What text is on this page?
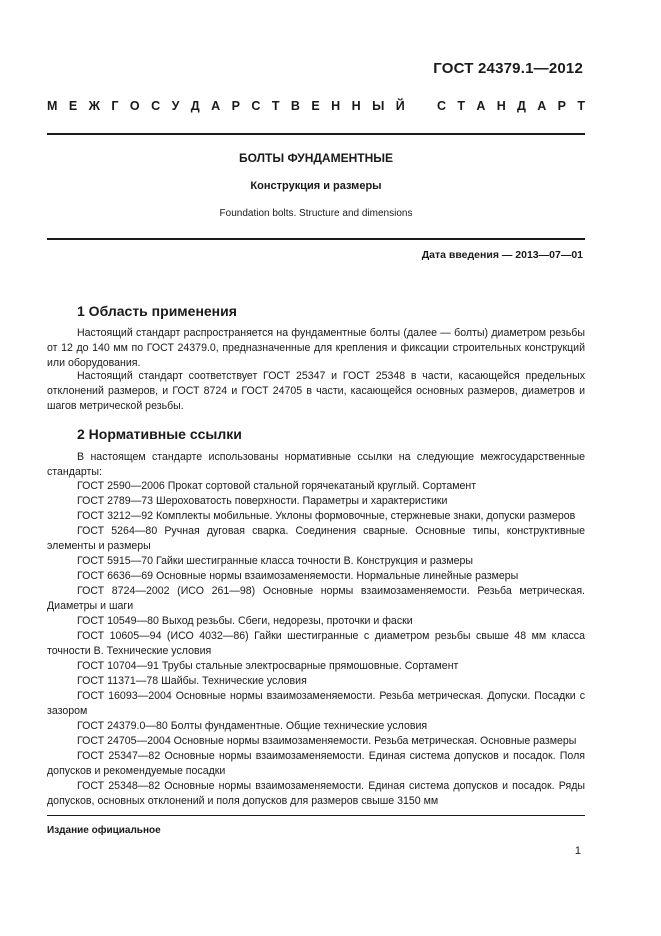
ГОСТ 24379.1—2012
М Е Ж Г О С У Д А Р С Т В Е Н Н Ы Й	С Т А Н Д А Р Т
БОЛТЫ ФУНДАМЕНТНЫЕ
Конструкция и размеры
Foundation bolts. Structure and dimensions
Дата введения — 2013—07—01
1 Область применения
Настоящий стандарт распространяется на фундаментные болты (далее — болты) диаметром резьбы от 12 до 140 мм по ГОСТ 24379.0, предназначенные для крепления и фиксации строительных конструкций или оборудования.
Настоящий стандарт соответствует ГОСТ 25347 и ГОСТ 25348 в части, касающейся предельных отклонений размеров, и ГОСТ 8724 и ГОСТ 24705 в части, касающейся основных размеров, диаметров и шагов метрической резьбы.
2 Нормативные ссылки
В настоящем стандарте использованы нормативные ссылки на следующие межгосударственные стандарты:
ГОСТ 2590—2006 Прокат сортовой стальной горячекатаный круглый. Сортамент
ГОСТ 2789—73 Шероховатость поверхности. Параметры и характеристики
ГОСТ 3212—92 Комплекты мобильные. Уклоны формовочные, стержневые знаки, допуски размеров
ГОСТ 5264—80 Ручная дуговая сварка. Соединения сварные. Основные типы, конструктивные элементы и размеры
ГОСТ 5915—70 Гайки шестигранные класса точности В. Конструкция и размеры
ГОСТ 6636—69 Основные нормы взаимозаменяемости. Нормальные линейные размеры
ГОСТ 8724—2002 (ИСО 261—98) Основные нормы взаимозаменяемости. Резьба метрическая. Диаметры и шаги
ГОСТ 10549—80 Выход резьбы. Сбеги, недорезы, проточки и фаски
ГОСТ 10605—94 (ИСО 4032—86) Гайки шестигранные с диаметром резьбы свыше 48 мм класса точности В. Технические условия
ГОСТ 10704—91 Трубы стальные электросварные прямошовные. Сортамент
ГОСТ 11371—78 Шайбы. Технические условия
ГОСТ 16093—2004 Основные нормы взаимозаменяемости. Резьба метрическая. Допуски. Посадки с зазором
ГОСТ 24379.0—80 Болты фундаментные. Общие технические условия
ГОСТ 24705—2004 Основные нормы взаимозаменяемости. Резьба метрическая. Основные размеры
ГОСТ 25347—82 Основные нормы взаимозаменяемости. Единая система допусков и посадок. Поля допусков и рекомендуемые посадки
ГОСТ 25348—82 Основные нормы взаимозаменяемости. Единая система допусков и посадок. Ряды допусков, основных отклонений и поля допусков для размеров свыше 3150 мм
Издание официальное
1
